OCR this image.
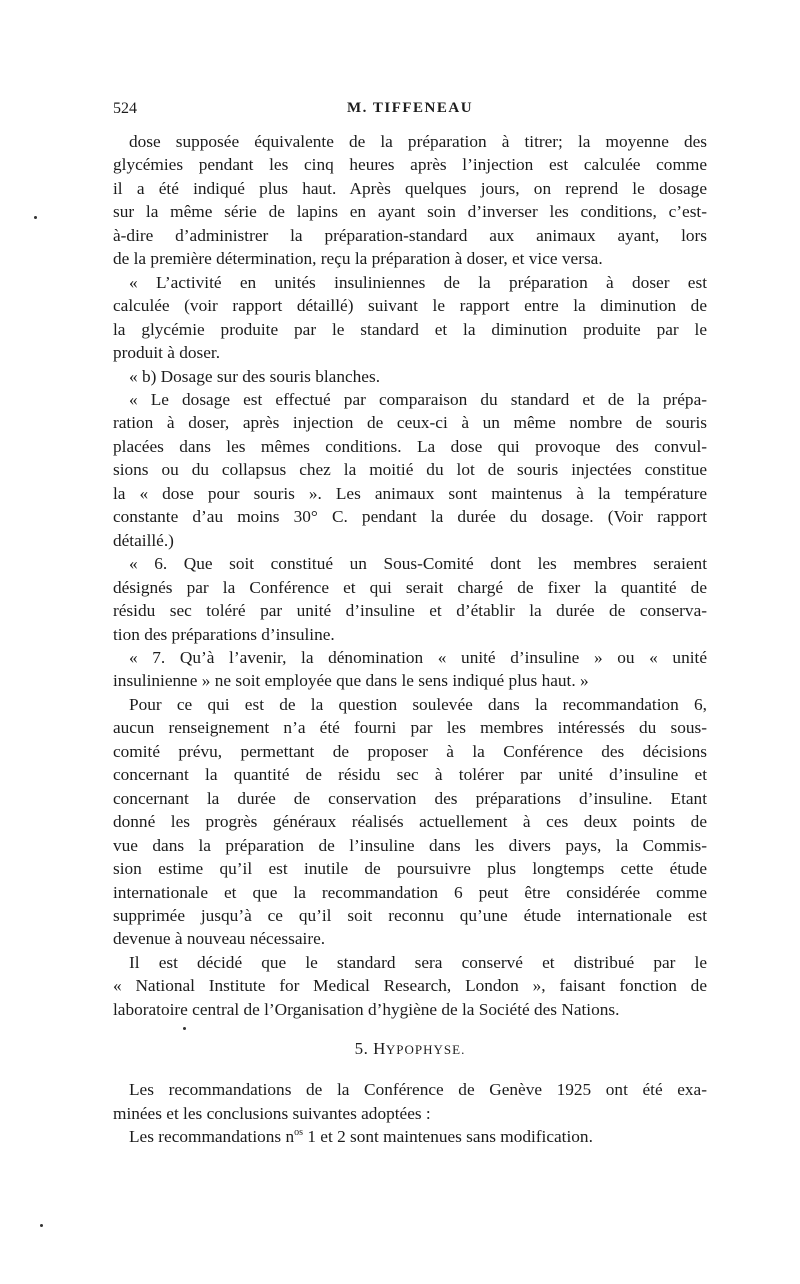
524	M. TIFFENEAU

dose supposée équivalente de la préparation à titrer; la moyenne des
glycémies pendant les cinq heures après l’injection est calculée comme
il a été indiqué plus haut. Après quelques jours, on reprend le dosage
sur la même série de lapins en ayant soin d’inverser les conditions, c’est-
à-dire d’administrer la préparation-standard aux animaux ayant, lors
de la première détermination, reçu la préparation à doser, et vice versa.

« L’activité en unités insuliniennes de la préparation à doser est
calculée (voir rapport détaillé) suivant le rapport entre la diminution de
la glycémie produite par le standard et la diminution produite par le
produit à doser.

« b) Dosage sur des souris blanches.

« Le dosage est effectué par comparaison du standard et de la prépa-
ration à doser, après injection de ceux-ci à un même nombre de souris
placées dans les mêmes conditions. La dose qui provoque des convul-
sions ou du collapsus chez la moitié du lot de souris injectées constitue
la « dose pour souris ». Les animaux sont maintenus à la température
constante d’au moins 30° C. pendant la durée du dosage. (Voir rapport
détaillé.)

« 6. Que soit constitué un Sous-Comité dont les membres seraient
désignés par la Conférence et qui serait chargé de fixer la quantité de
résidu sec toléré par unité d’insuline et d’établir la durée de conserva-
tion des préparations d’insuline.

« 7. Qu’à l’avenir, la dénomination « unité d’insuline » ou « unité
insulinienne » ne soit employée que dans le sens indiqué plus haut. »

Pour ce qui est de la question soulevée dans la recommandation 6,
aucun renseignement n’a été fourni par les membres intéressés du sous-
comité prévu, permettant de proposer à la Conférence des décisions
concernant la quantité de résidu sec à tolérer par unité d’insuline et
concernant la durée de conservation des préparations d’insuline. Etant
donné les progrès généraux réalisés actuellement à ces deux points de
vue dans la préparation de l’insuline dans les divers pays, la Commis-
sion estime qu’il est inutile de poursuivre plus longtemps cette étude
internationale et que la recommandation 6 peut être considérée comme
supprimée jusqu’à ce qu’il soit reconnu qu’une étude internationale est
devenue à nouveau nécessaire.

Il est décidé que le standard sera conservé et distribué par le
« National Institute for Medical Research, London », faisant fonction de
laboratoire central de l’Organisation d’hygiène de la Société des Nations.

5. HYPOPHYSE.

Les recommandations de la Conférence de Genève 1925 ont été exa-
minées et les conclusions suivantes adoptées :

Les recommandations $n^{os}$ 1 et 2 sont maintenues sans modification.
